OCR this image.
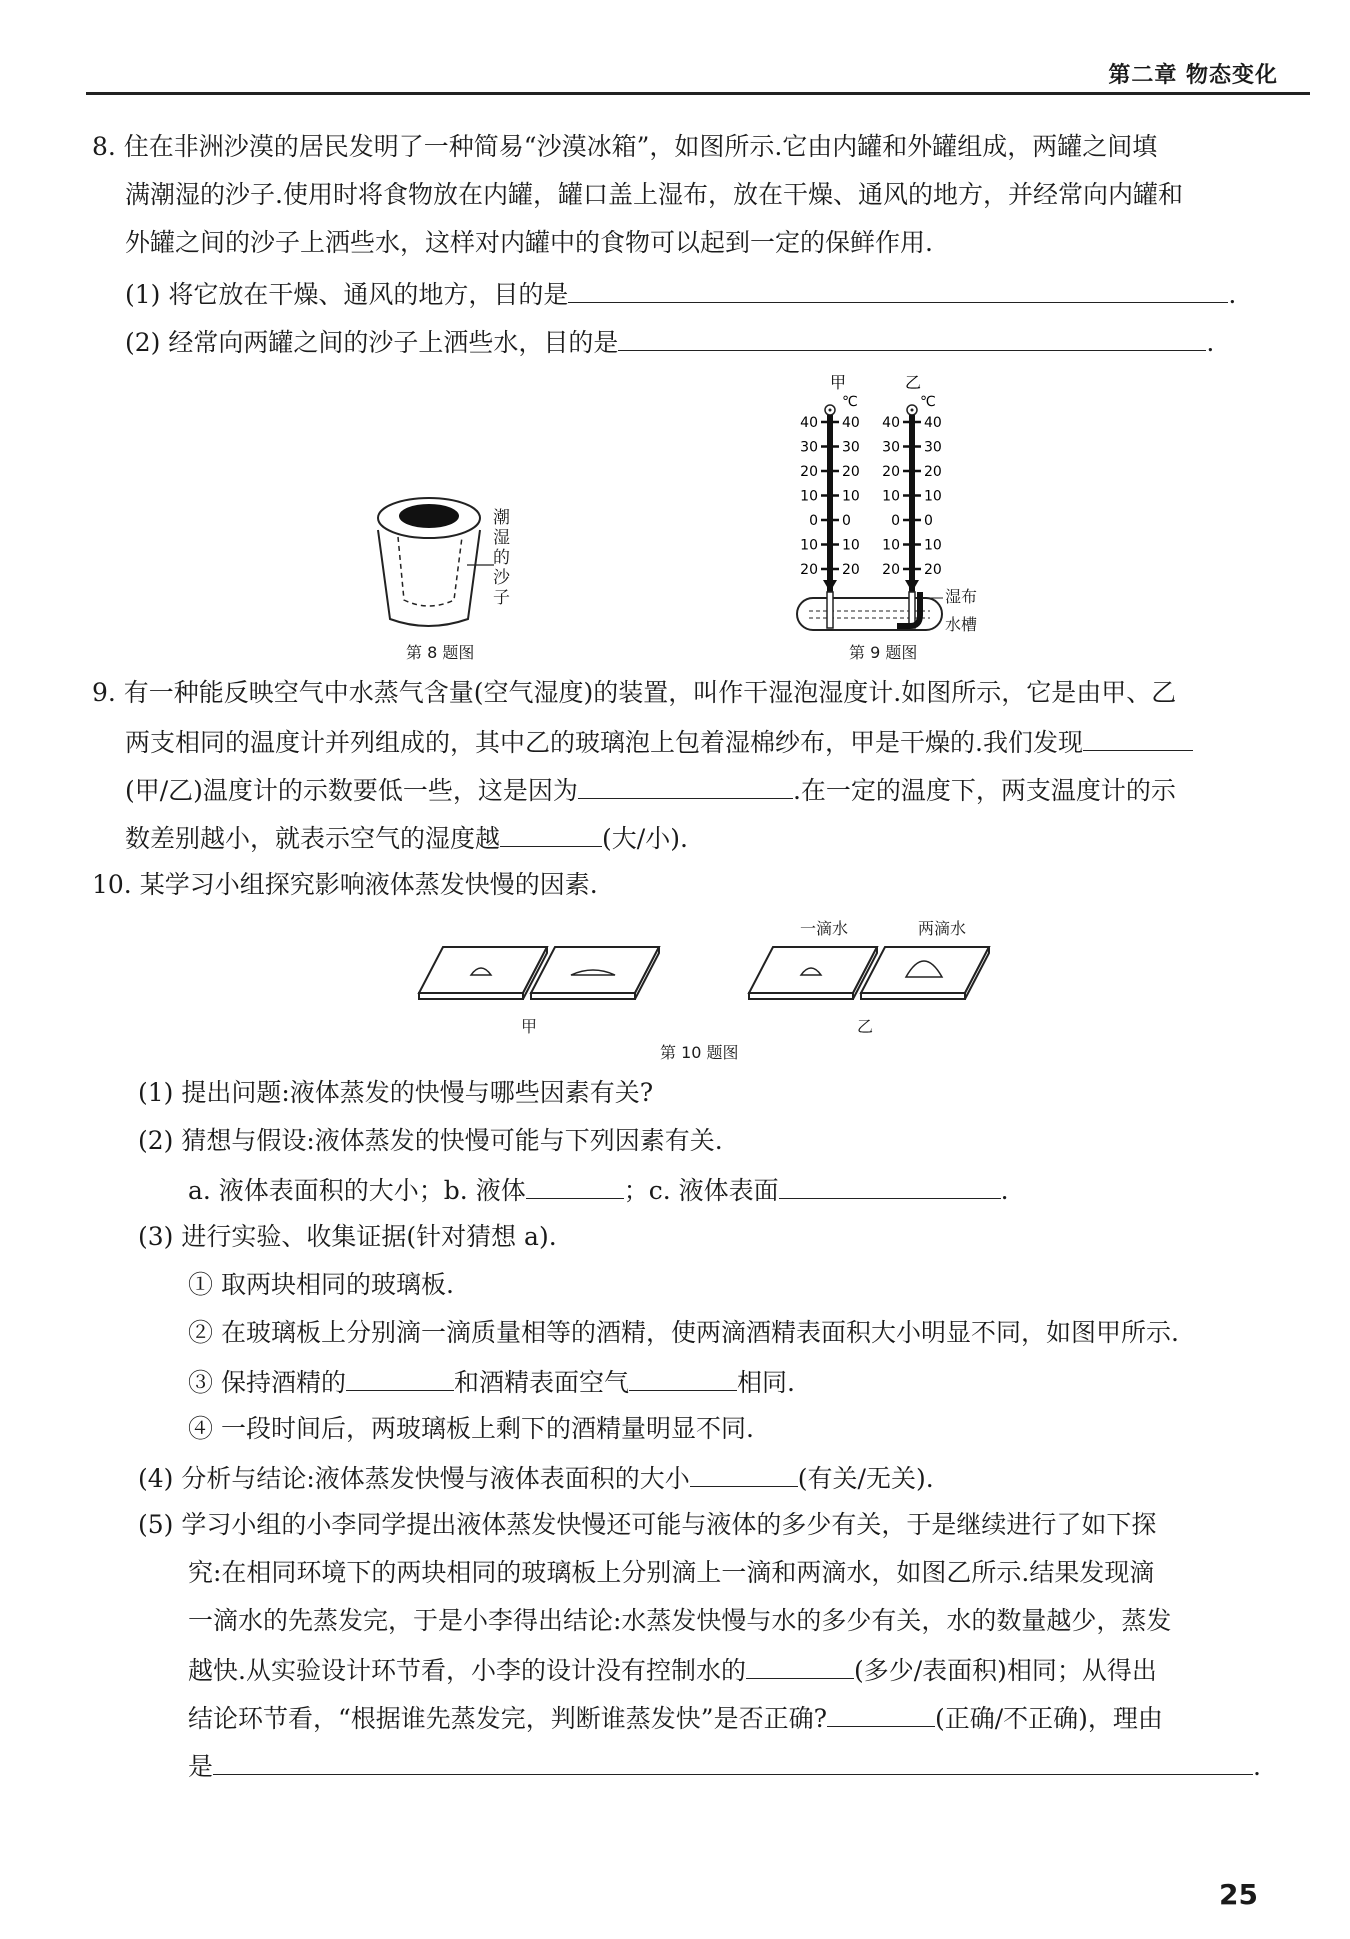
第二章 物态变化
8. 住在非洲沙漠的居民发明了一种简易“沙漠冰箱”，如图所示.它由内罐和外罐组成，两罐之间填
满潮湿的沙子.使用时将食物放在内罐，罐口盖上湿布，放在干燥、通风的地方，并经常向内罐和
外罐之间的沙子上洒些水，这样对内罐中的食物可以起到一定的保鲜作用.
(1) 将它放在干燥、通风的地方，目的是	.
(2) 经常向两罐之间的沙子上洒些水，目的是	.
潮湿的沙子
第 8 题图
甲	乙
℃	℃
40 40 40 40
30 30 30 30
20 20 20 20
10 10 10 10
0 0	0 0
10 10 10 10
20 20 20 20
湿布
水槽
第 9 题图
9. 有一种能反映空气中水蒸气含量(空气湿度)的装置，叫作干湿泡湿度计.如图所示，它是由甲、乙
两支相同的温度计并列组成的，其中乙的玻璃泡上包着湿棉纱布，甲是干燥的.我们发现
(甲/乙)温度计的示数要低一些，这是因为	.在一定的温度下，两支温度计的示
数差别越小，就表示空气的湿度越	(大/小).
10. 某学习小组探究影响液体蒸发快慢的因素.
一滴水	两滴水
甲	乙
第 10 题图
(1) 提出问题:液体蒸发的快慢与哪些因素有关?
(2) 猜想与假设:液体蒸发的快慢可能与下列因素有关.
a. 液体表面积的大小；b. 液体	；c. 液体表面	.
(3) 进行实验、收集证据(针对猜想 a).
① 取两块相同的玻璃板.
② 在玻璃板上分别滴一滴质量相等的酒精，使两滴酒精表面积大小明显不同，如图甲所示.
③ 保持酒精的	和酒精表面空气	相同.
④ 一段时间后，两玻璃板上剩下的酒精量明显不同.
(4) 分析与结论:液体蒸发快慢与液体表面积的大小	(有关/无关).
(5) 学习小组的小李同学提出液体蒸发快慢还可能与液体的多少有关，于是继续进行了如下探
究:在相同环境下的两块相同的玻璃板上分别滴上一滴和两滴水，如图乙所示.结果发现滴
一滴水的先蒸发完，于是小李得出结论:水蒸发快慢与水的多少有关，水的数量越少，蒸发
越快.从实验设计环节看，小李的设计没有控制水的	(多少/表面积)相同；从得出
结论环节看，“根据谁先蒸发完，判断谁蒸发快”是否正确?	(正确/不正确)，理由
是	.
25
